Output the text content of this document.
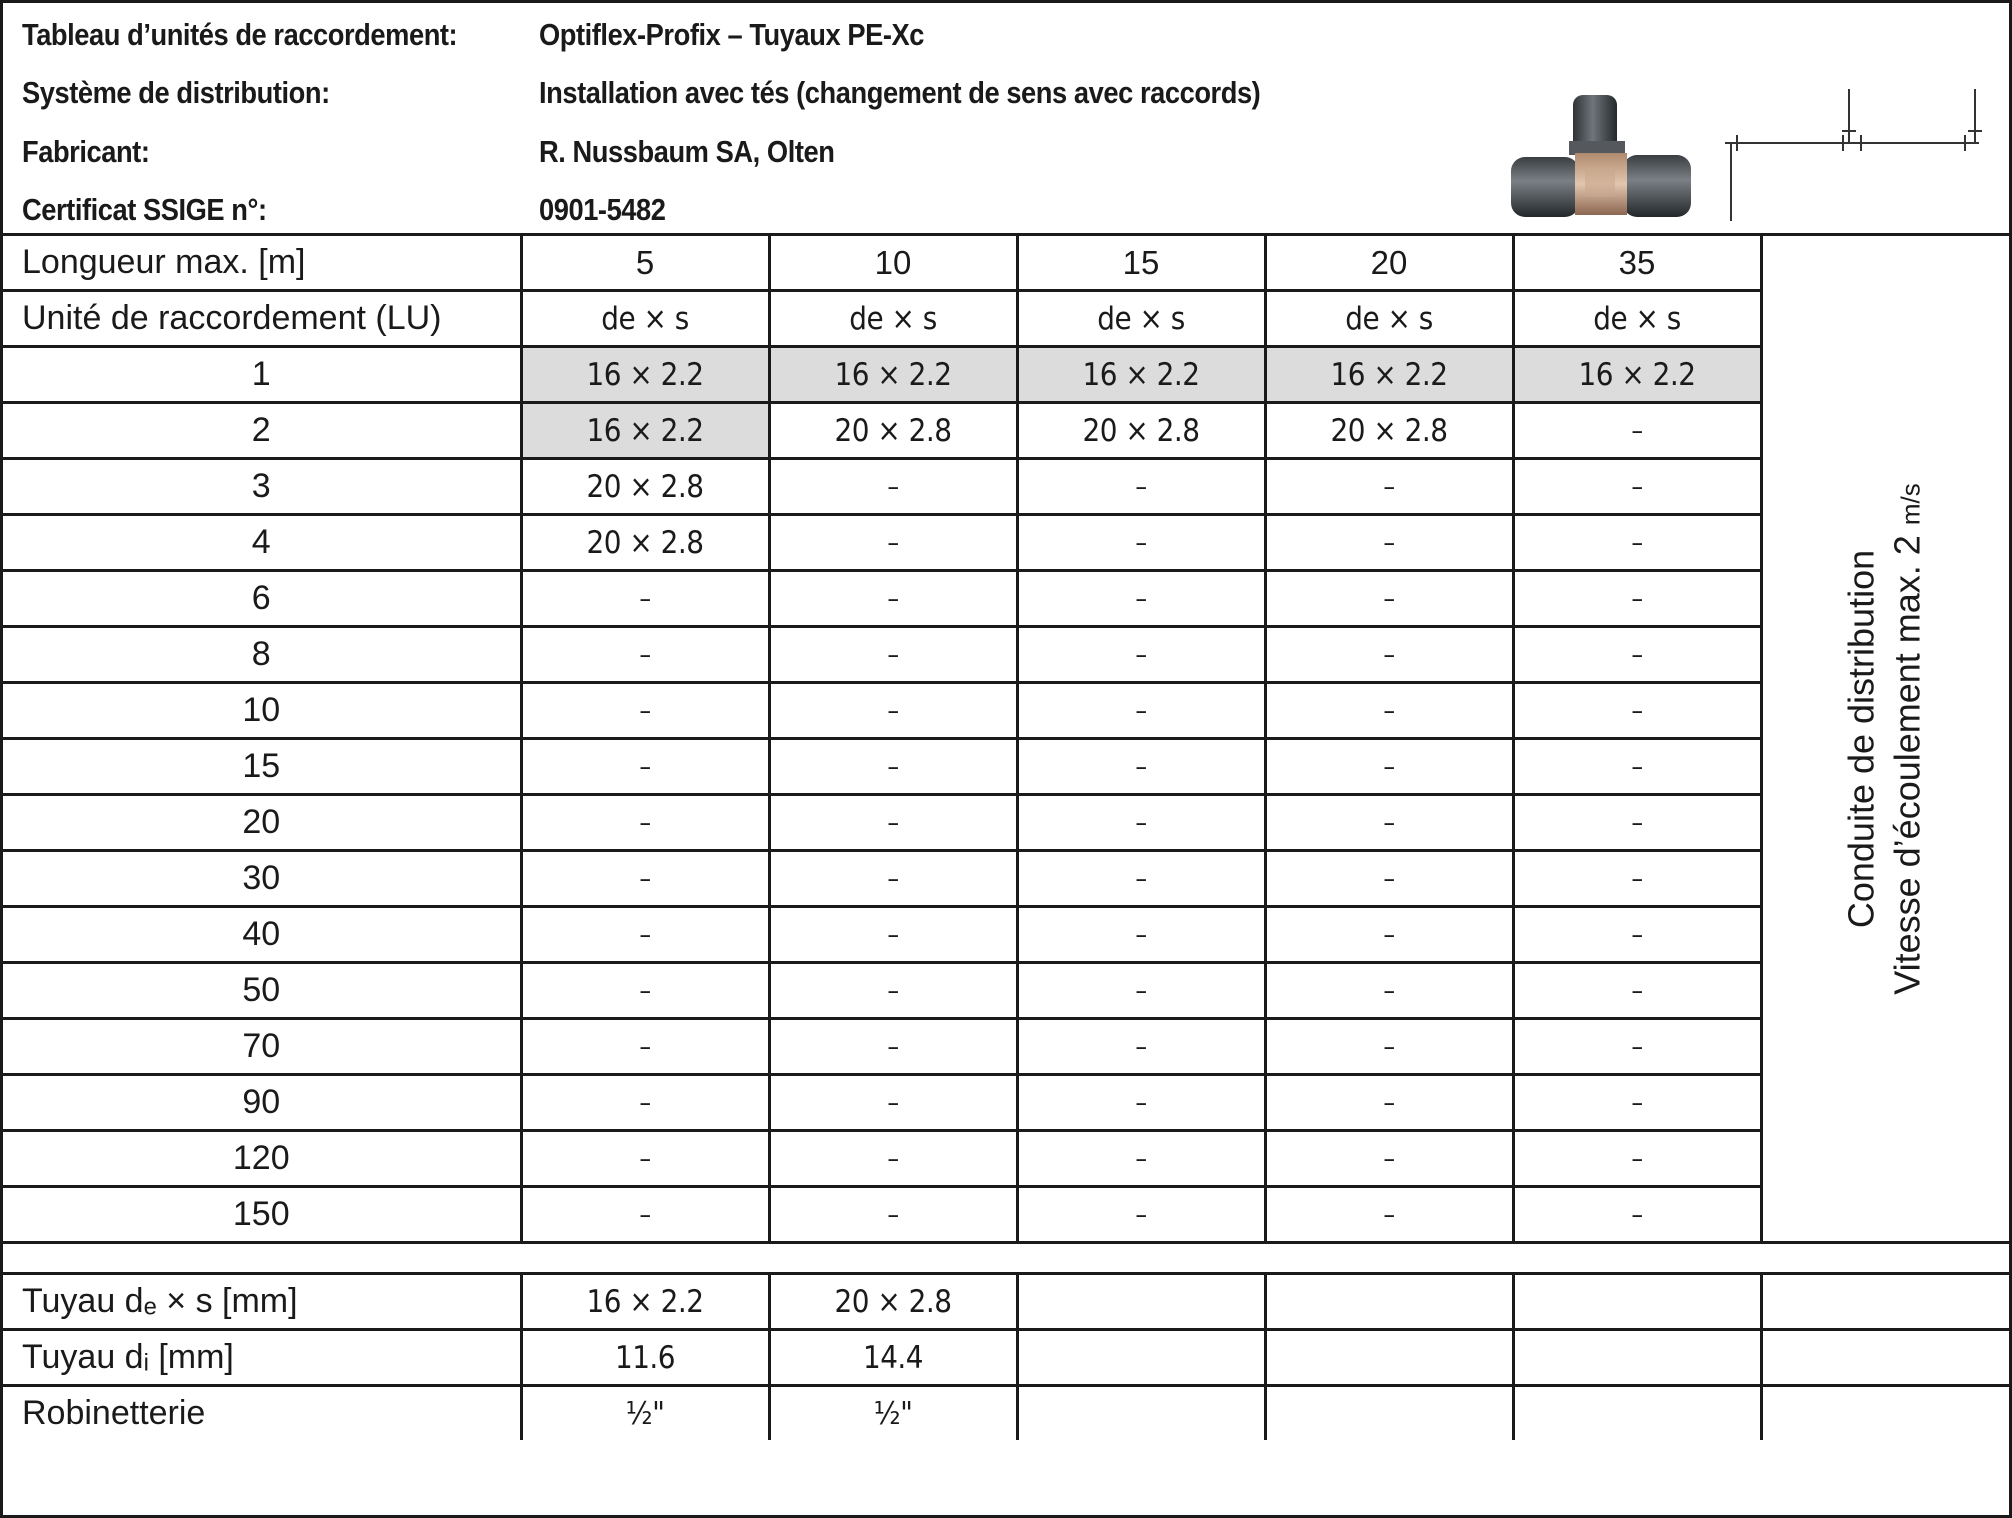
Tableau d’unités de raccordement:	Optiflex-Profix – Tuyaux PE-Xc
Système de distribution:	Installation avec tés (changement de sens avec raccords)
Fabricant:	R. Nussbaum SA, Olten
Certificat SSIGE n°:	0901-5482
Longueur max. [m]	5	10	15	20	35	Conduite de distribution Vitesse d’écoulement max. 2 m/s

Unité de raccordement (LU)	de × s	de × s	de × s	de × s	de × s	
1	16 × 2.2	16 × 2.2	16 × 2.2	16 × 2.2	16 × 2.2	
2	16 × 2.2	20 × 2.8	20 × 2.8	20 × 2.8	–	
3	20 × 2.8	–	–	–	–	
4	20 × 2.8	–	–	–	–	
6	–	–	–	–	–	
8	–	–	–	–	–	
10	–	–	–	–	–	
15	–	–	–	–	–	
20	–	–	–	–	–	
30	–	–	–	–	–	
40	–	–	–	–	–	
50	–	–	–	–	–	
70	–	–	–	–	–	
90	–	–	–	–	–	
120	–	–	–	–	–	
150	–	–	–	–	–	

Tuyau de × s [mm]	16 × 2.2	20 × 2.8				
Tuyau di [mm]	11.6	14.4				
Robinetterie	½"	½"				
